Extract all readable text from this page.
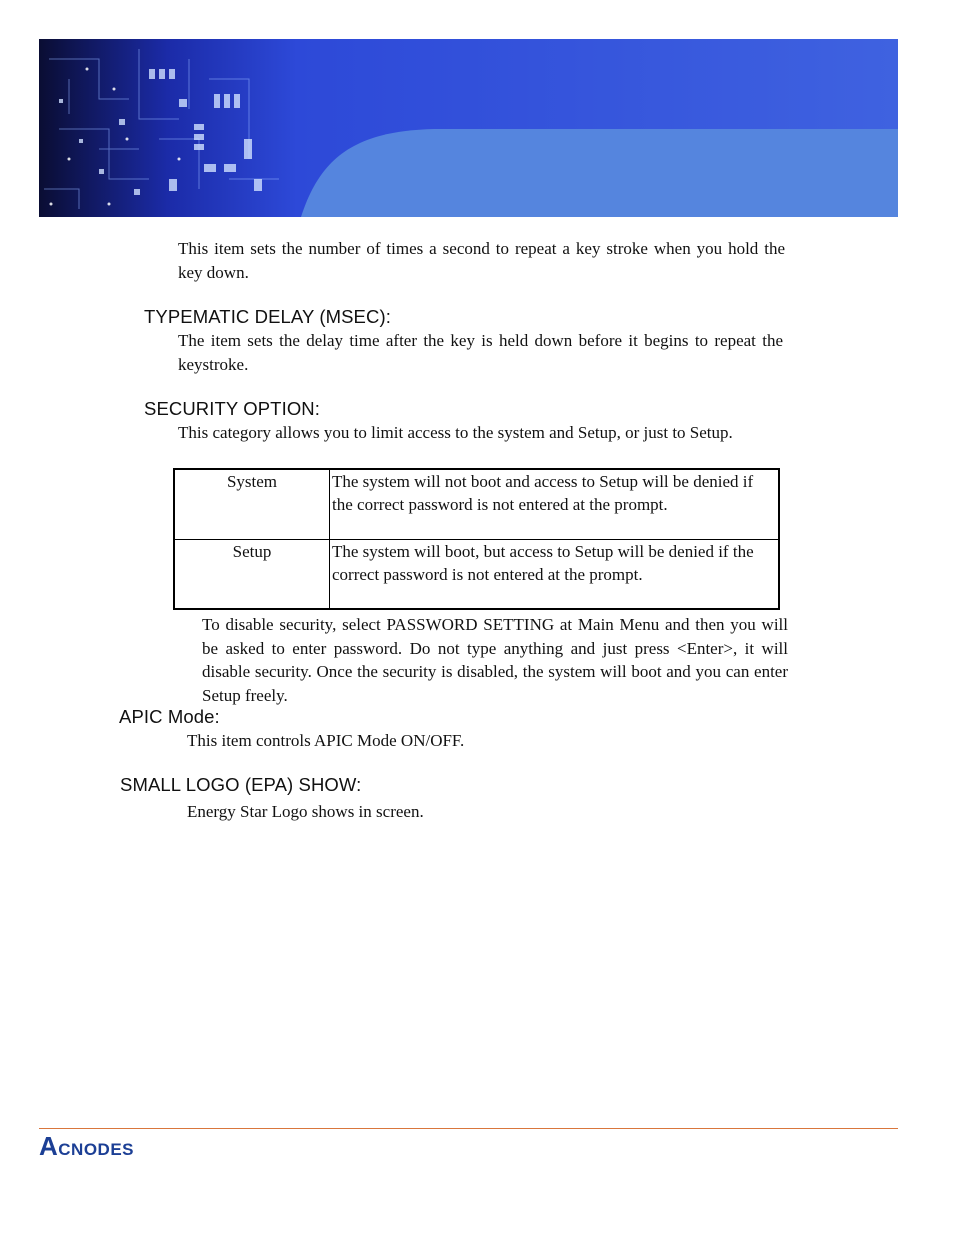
This item sets the number of times a second to repeat a key stroke when you hold the key down.

TYPEMATIC DELAY (MSEC):

The item sets the delay time after the key is held down before it begins to repeat the keystroke.

SECURITY OPTION:

This category allows you to limit access to the system and Setup, or just to Setup.

System	The system will not boot and access to Setup will be denied if the correct password is not entered at the prompt.
Setup	The system will boot, but access to Setup will be denied if the correct password is not entered at the prompt.

To disable security, select PASSWORD SETTING at Main Menu and then you will be asked to enter password. Do not type anything and just press <Enter>, it will disable security. Once the security is disabled, the system will boot and you can enter Setup freely.

APIC Mode:

This item controls APIC Mode ON/OFF.

SMALL LOGO (EPA) SHOW:

Energy Star Logo shows in screen.

ACNODES
